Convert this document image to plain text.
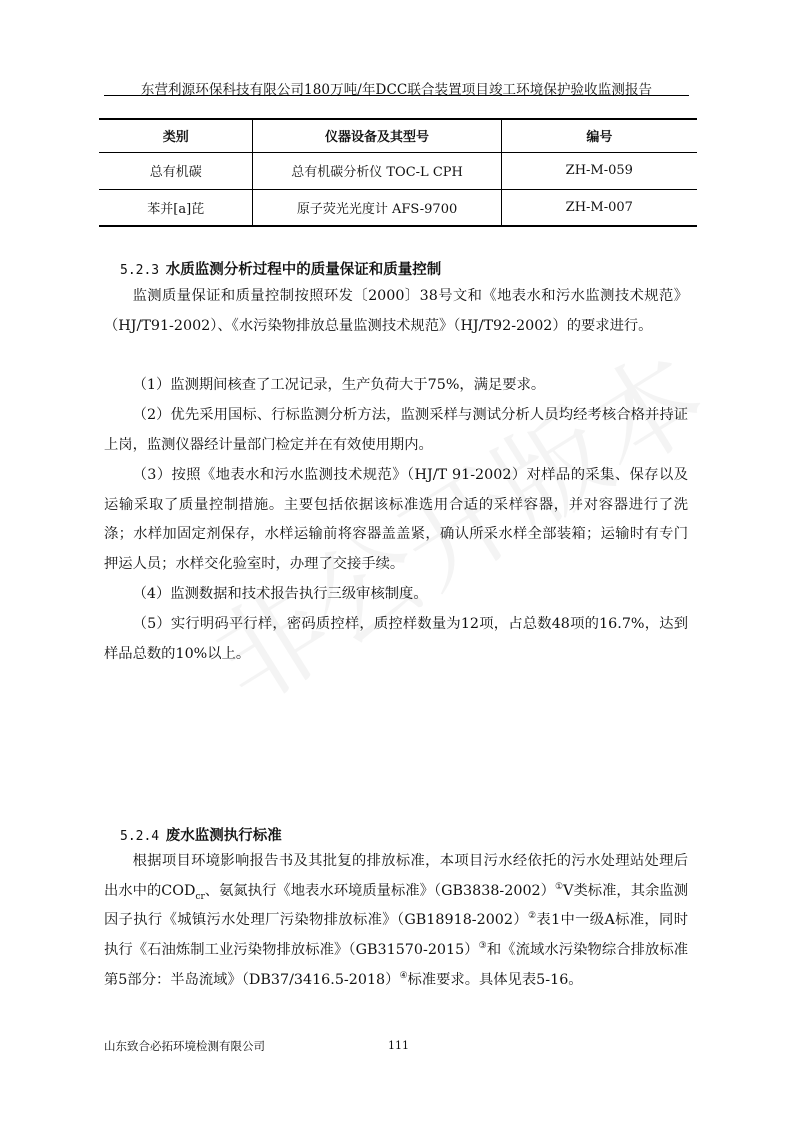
东营利源环保科技有限公司180万吨/年DCC联合装置项目竣工环境保护验收监测报告
类别	仪器设备及其型号	编号
总有机碳	总有机碳分析仪 TOC-L CPH	ZH-M-059
苯并[a]芘	原子荧光光度计 AFS-9700	ZH-M-007
5.2.3 水质监测分析过程中的质量保证和质量控制

监测质量保证和质量控制按照环发〔2000〕38号文和《地表水和污水监测技术规范》（HJ/T91-2002）、《水污染物排放总量监测技术规范》（HJ/T92-2002）的要求进行。

（1）监测期间核查了工况记录，生产负荷大于75%，满足要求。

（2）优先采用国标、行标监测分析方法，监测采样与测试分析人员均经考核合格并持证上岗，监测仪器经计量部门检定并在有效使用期内。

（3）按照《地表水和污水监测技术规范》（HJ/T 91-2002）对样品的采集、保存以及运输采取了质量控制措施。主要包括依据该标准选用合适的采样容器，并对容器进行了洗涤；水样加固定剂保存，水样运输前将容器盖盖紧，确认所采水样全部装箱；运输时有专门押运人员；水样交化验室时，办理了交接手续。

（4）监测数据和技术报告执行三级审核制度。

（5）实行明码平行样，密码质控样，质控样数量为12项，占总数48项的16.7%，达到样品总数的10%以上。

5.2.4 废水监测执行标准

根据项目环境影响报告书及其批复的排放标准，本项目污水经依托的污水处理站处理后出水中的$COD_{cr}$、氨氮执行《地表水环境质量标准》（GB3838-2002）①V类标准，其余监测因子执行《城镇污水处理厂污染物排放标准》（GB18918-2002）②表1中一级A标准，同时执行《石油炼制工业污染物排放标准》（GB31570-2015）③和《流域水污染物综合排放标准 第5部分：半岛流域》（DB37/3416.5-2018）④标准要求。具体见表5-16。

山东致合必拓环境检测有限公司	111
